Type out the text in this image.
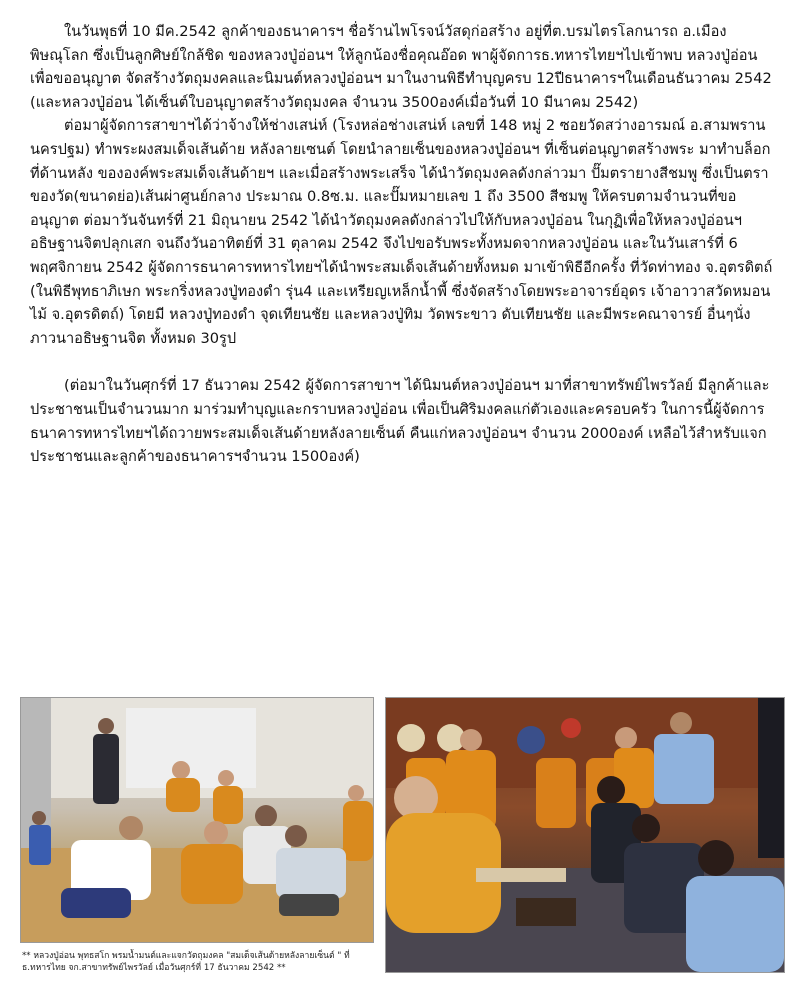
ในวันพุธที่ 10 มีค.2542 ลูกค้าของธนาคารฯ ชื่อร้านไพโรจน์วัสดุก่อสร้าง อยู่ที่ต.บรมไตรโลกนารถ อ.เมืองพิษณุโลก ซึ่งเป็นลูกศิษย์ใกล้ชิด ของหลวงปู่อ่อนฯ ให้ลูกน้องชื่อคุณอ๊อด พาผู้จัดการธ.ทหารไทยฯไปเข้าพบ หลวงปู่อ่อน เพื่อขออนุญาต จัดสร้างวัตถุมงคลและนิมนต์หลวงปู่อ่อนฯ มาในงานพิธีทำบุญครบ 12ปีธนาคารฯในเดือนธันวาคม 2542 (และหลวงปู่อ่อน ได้เซ็นต์ใบอนุญาตสร้างวัตถุมงคล จำนวน 3500องค์เมื่อวันที่ 10 มีนาคม 2542)

ต่อมาผู้จัดการสาขาฯได้ว่าจ้างให้ช่างเสน่ห์ (โรงหล่อช่างเสน่ห์ เลขที่ 148 หมู่ 2 ซอยวัดสว่างอารมณ์ อ.สามพราน นครปฐม) ทำพระผงสมเด็จเส้นด้าย หลังลายเซนต์ โดยนำลายเซ็นของหลวงปู่อ่อนฯ ที่เซ็นต่อนุญาตสร้างพระ มาทำบล็อกที่ด้านหลัง ขององค์พระสมเด็จเส้นด้ายฯ และเมื่อสร้างพระเสร็จ ได้นำวัตถุมงคลดังกล่าวมา ปั๊มตรายางสีชมพู ซึ่งเป็นตราของวัด(ขนาดย่อ)เส้นผ่าศูนย์กลาง ประมาณ 0.8ซ.ม. และปั๊มหมายเลข 1 ถึง 3500 สีชมพู ให้ครบตามจำนวนที่ขออนุญาต ต่อมาวันจันทร์ที่ 21 มิถุนายน 2542 ได้นำวัตถุมงคลดังกล่าวไปให้กับหลวงปู่อ่อน ในกุฏิเพื่อให้หลวงปู่อ่อนฯอธิษฐานจิตปลุกเสก จนถึงวันอาทิตย์ที่ 31 ตุลาคม 2542 จึงไปขอรับพระทั้งหมดจากหลวงปู่อ่อน และในวันเสาร์ที่ 6 พฤศจิกายน 2542 ผู้จัดการธนาคารทหารไทยฯได้นำพระสมเด็จเส้นด้ายทั้งหมด มาเข้าพิธีอีกครั้ง ที่วัดท่าทอง จ.อุตรดิตถ์ (ในพิธีพุทธาภิเษก พระกริ่งหลวงปู่ทองดำ รุ่น4 และเหรียญเหล็กน้ำพี้ ซึ่งจัดสร้างโดยพระอาจารย์อุดร เจ้าอาวาสวัดหมอนไม้ จ.อุตรดิตถ์) โดยมี หลวงปู่ทองดำ จุดเทียนชัย และหลวงปู่ทิม วัดพระขาว ดับเทียนชัย และมีพระคณาจารย์ อื่นๆนั่งภาวนาอธิษฐานจิต ทั้งหมด 30รูป

(ต่อมาในวันศุกร์ที่ 17 ธันวาคม 2542 ผู้จัดการสาขาฯ ได้นิมนต์หลวงปู่อ่อนฯ มาที่สาขาทรัพย์ไพรวัลย์ มีลูกค้าและประชาชนเป็นจำนวนมาก มาร่วมทำบุญและกราบหลวงปู่อ่อน เพื่อเป็นศิริมงคลแก่ตัวเองและครอบครัว ในการนี้ผู้จัดการธนาคารทหารไทยฯได้ถวายพระสมเด็จเส้นด้ายหลังลายเซ็นต์ คืนแก่หลวงปู่อ่อนฯ จำนวน 2000องค์ เหลือไว้สำหรับแจกประชาชนและลูกค้าของธนาคารฯจำนวน 1500องค์)

** หลวงปู่อ่อน พุทธสโก พรมน้ำมนต์และแจกวัตถุมงคล "สมเด็จเส้นด้ายหลังลายเซ็นต์ " ที่ ธ.ทหารไทย จก.สาขาทรัพย์ไพรวัลย์ เมื่อวันศุกร์ที่ 17 ธันวาคม 2542 **
